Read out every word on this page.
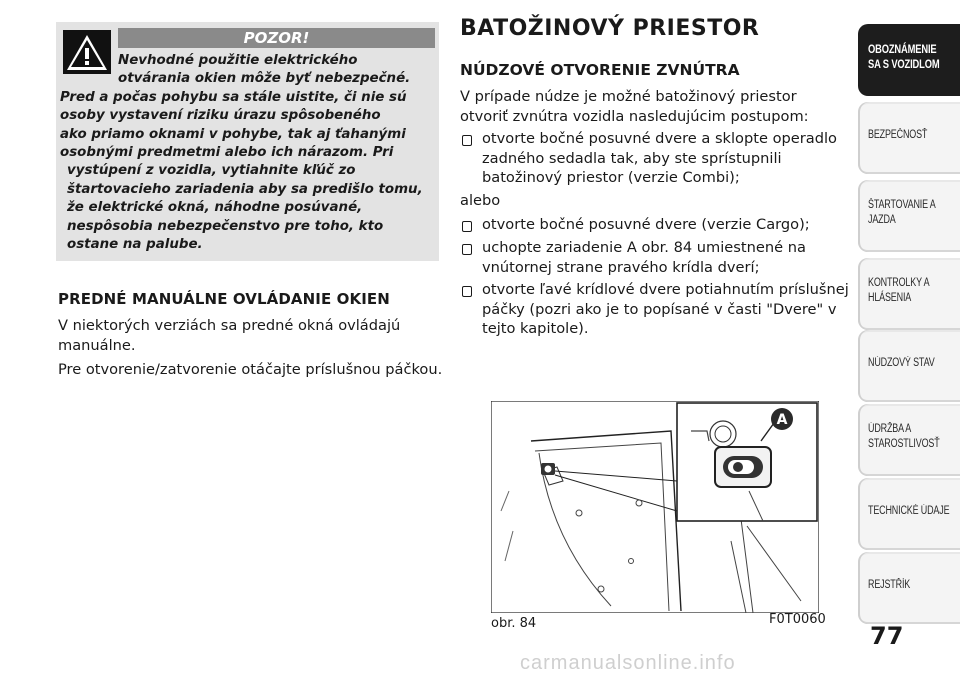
POZOR!
Nevhodné použitie elektrického
otvárania okien môže byť nebezpečné.
Pred a počas pohybu sa stále uistite, či nie sú
osoby vystavení riziku úrazu spôsobeného
ako priamo oknami v pohybe, tak aj ťahanými
osobnými predmetmi alebo ich nárazom. Pri
vystúpení z vozidla, vytiahnite kľúč zo
štartovacieho zariadenia aby sa predišlo tomu,
že elektrické okná, náhodne posúvané,
nespôsobia nebezpečenstvo pre toho, kto
ostane na palube.
PREDNÉ MANUÁLNE OVLÁDANIE OKIEN
V niektorých verziách sa predné okná ovládajú
manuálne.
Pre otvorenie/zatvorenie otáčajte príslušnou páčkou.
BATOŽINOVÝ PRIESTOR
NÚDZOVÉ OTVORENIE ZVNÚTRA
V prípade núdze je možné batožinový priestor
otvoriť zvnútra vozidla nasledujúcim postupom:
otvorte bočné posuvné dvere a sklopte operadlo
zadného sedadla tak, aby ste sprístupnili
batožinový priestor (verzie Combi);
alebo
otvorte bočné posuvné dvere (verzie Cargo);
uchopte zariadenie A obr. 84 umiestnené na
vnútornej strane pravého krídla dverí;
otvorte ľavé krídlové dvere potiahnutím príslušnej
páčky (pozri ako je to popísané v časti "Dvere" v
tejto kapitole).
A
obr. 84	F0T0060
OBOZNÁMENIE
SA S VOZIDLOM
BEZPEČNOSŤ
ŠTARTOVANIE A
JAZDA
KONTROLKY A
HLÁSENIA
NÚDZOVÝ STAV
ÚDRŽBA A
STAROSTLIVOSŤ
TECHNICKÉ ÚDAJE
REJSTŘÍK
77
carmanualsonline.info
